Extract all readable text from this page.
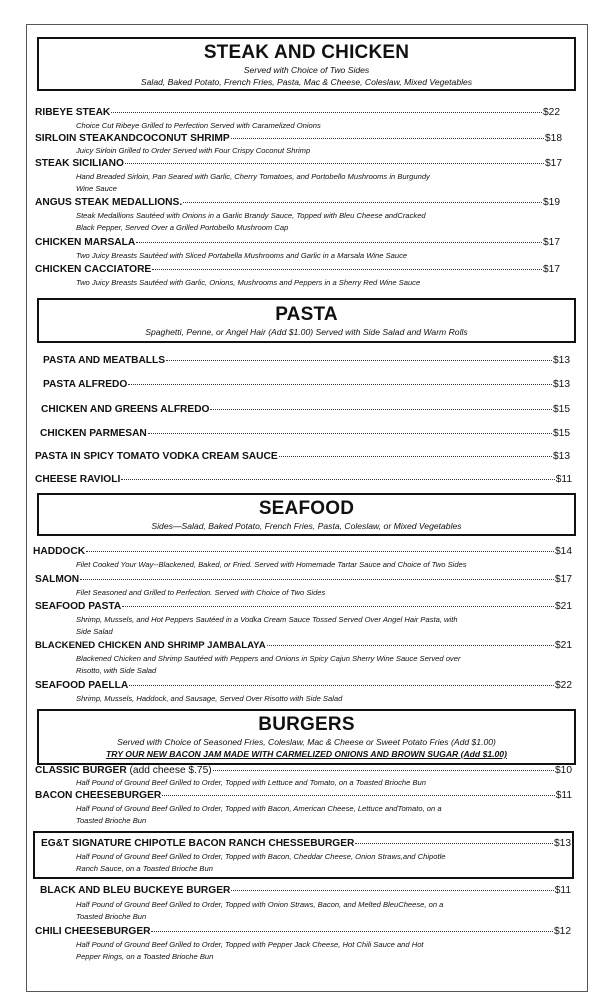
STEAK AND CHICKEN
Served with Choice of Two Sides
Salad, Baked Potato, French Fries, Pasta, Mac & Cheese, Coleslaw, Mixed Vegetables
RIBEYE STEAK	$22
Choice Cut Ribeye Grilled to Perfection Served with Caramelized Onions
SIRLOIN STEAKANDCOCONUT SHRIMP	$18
Juicy Sirloin Grilled to Order Served with Four Crispy Coconut Shrimp
STEAK SICILIANO	$17
Hand Breaded Sirloin, Pan Seared with Garlic, Cherry Tomatoes, and Portobello Mushrooms in Burgundy
Wine Sauce
ANGUS STEAK MEDALLIONS.	$19
Steak Medallions Sautéed with Onions in a Garlic Brandy Sauce, Topped with Bleu Cheese andCracked
Black Pepper, Served Over a Grilled Portobello Mushroom Cap
CHICKEN MARSALA	$17
Two Juicy Breasts Sautéed with Sliced Portabella Mushrooms and Garlic in a Marsala Wine Sauce
CHICKEN CACCIATORE	$17
Two Juicy Breasts Sautéed with Garlic, Onions, Mushrooms and Peppers in a Sherry Red Wine Sauce
PASTA
Spaghetti, Penne, or Angel Hair (Add $1.00) Served with Side Salad and Warm Rolls
PASTA AND MEATBALLS	$13
PASTA ALFREDO	$13
CHICKEN AND GREENS ALFREDO	$15
CHICKEN PARMESAN	$15
PASTA IN SPICY TOMATO VODKA CREAM SAUCE	$13
CHEESE RAVIOLI	$11
SEAFOOD
Sides—Salad, Baked Potato, French Fries, Pasta, Coleslaw, or Mixed Vegetables
HADDOCK	$14
Filet Cooked Your Way--Blackened, Baked, or Fried. Served with Homemade Tartar Sauce and Choice of Two Sides
SALMON	$17
Filet Seasoned and Grilled to Perfection. Served with Choice of Two Sides
SEAFOOD PASTA	$21
Shrimp, Mussels, and Hot Peppers Sautéed in a Vodka Cream Sauce Tossed Served Over Angel Hair Pasta, with
Side Salad
BLACKENED CHICKEN AND SHRIMP JAMBALAYA	$21
Blackened Chicken and Shrimp Sautéed with Peppers and Onions in Spicy Cajun Sherry Wine Sauce Served over
Risotto, with Side Salad
SEAFOOD PAELLA	$22
Shrimp, Mussels, Haddock, and Sausage, Served Over Risotto with Side Salad
BURGERS
Served with Choice of Seasoned Fries, Coleslaw, Mac & Cheese or Sweet Potato Fries (Add $1.00)
TRY OUR NEW BACON JAM MADE WITH CARMELIZED ONIONS AND BROWN SUGAR (Add $1.00)
CLASSIC BURGER (add cheese $.75)	$10
Half Pound of Ground Beef Grilled to Order, Topped with Lettuce and Tomato, on a Toasted Brioche Bun
BACON CHEESEBURGER	$11
Half Pound of Ground Beef Grilled to Order, Topped with Bacon, American Cheese, Lettuce andTomato, on a
Toasted Brioche Bun
EG&T SIGNATURE CHIPOTLE BACON RANCH CHESSEBURGER	$13
Half Pound of Ground Beef Grilled to Order, Topped with Bacon, Cheddar Cheese, Onion Straws,and Chipotle
Ranch Sauce, on a Toasted Brioche Bun
BLACK AND BLEU BUCKEYE BURGER	$11
Half Pound of Ground Beef Grilled to Order, Topped with Onion Straws, Bacon, and Melted BleuCheese, on a
Toasted Brioche Bun
CHILI CHEESEBURGER	$12
Half Pound of Ground Beef Grilled to Order, Topped with Pepper Jack Cheese, Hot Chili Sauce and Hot
Pepper Rings, on a Toasted Brioche Bun
